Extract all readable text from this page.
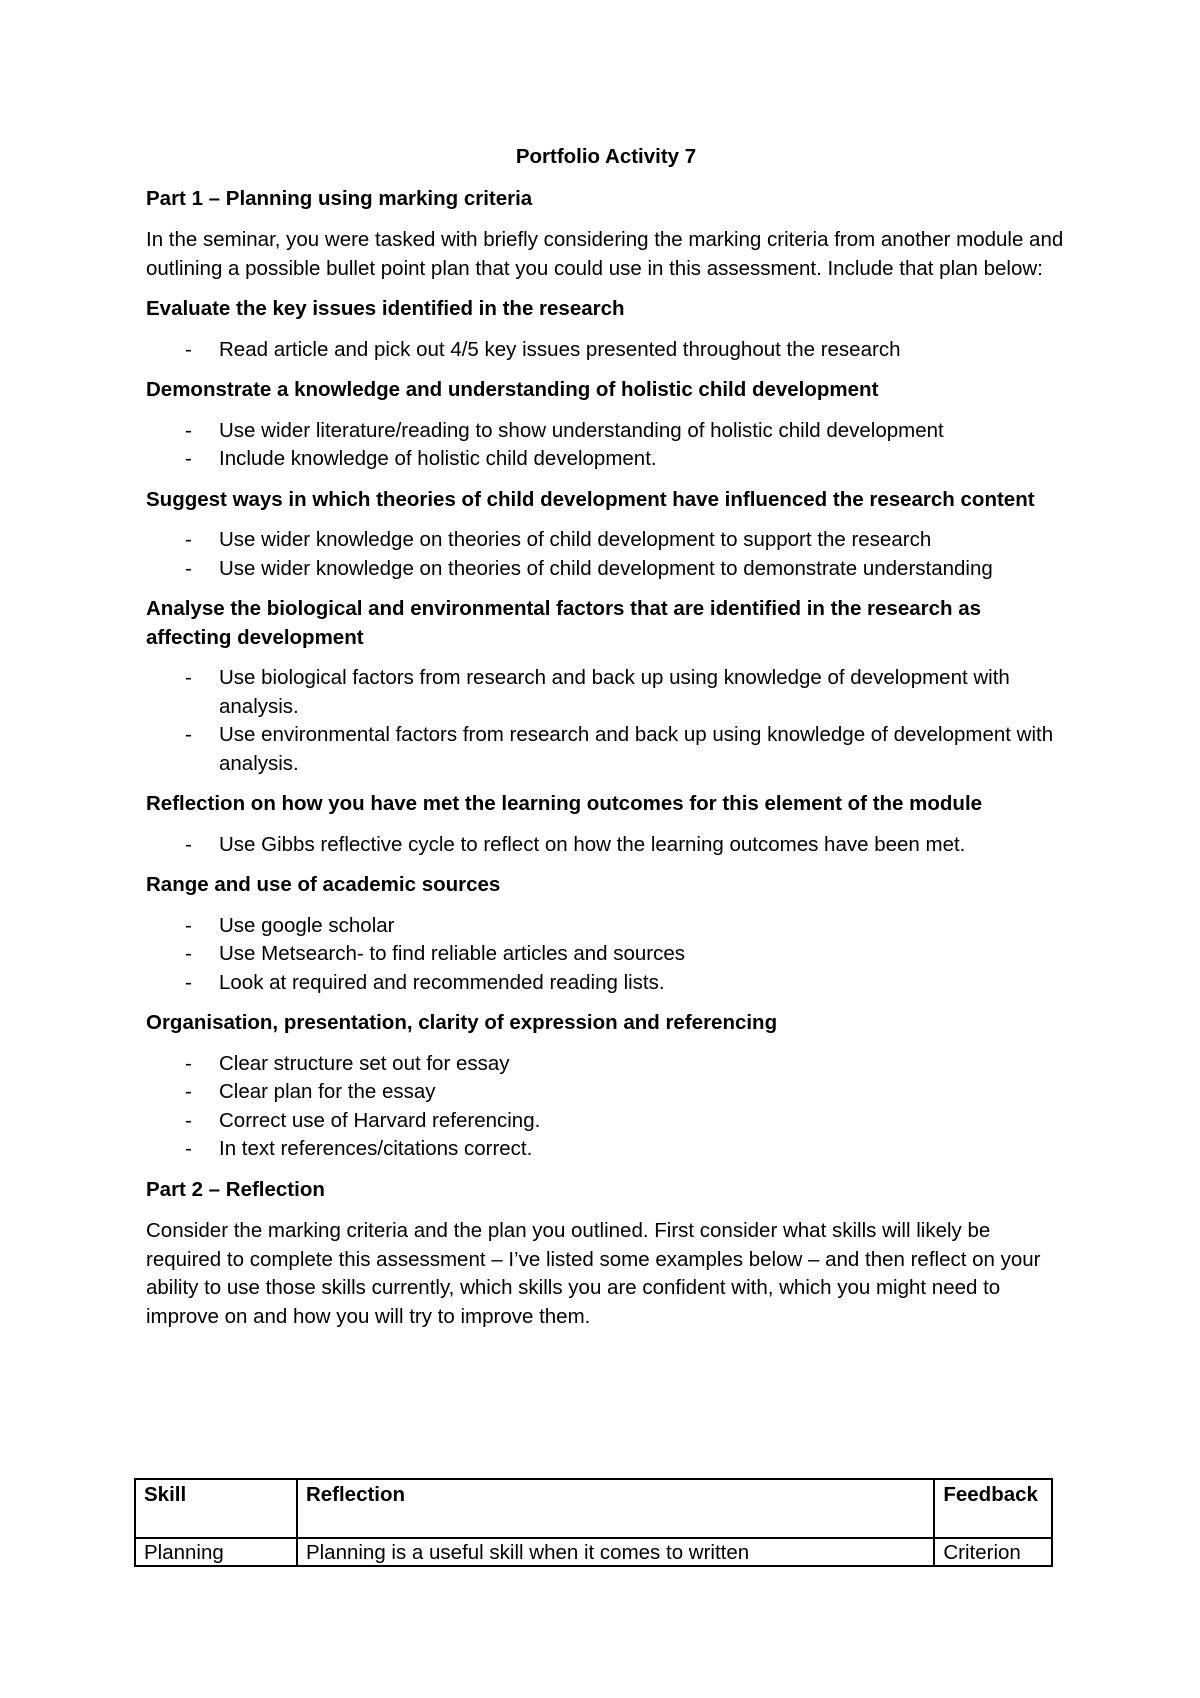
Portfolio Activity 7
Part 1 – Planning using marking criteria
In the seminar, you were tasked with briefly considering the marking criteria from another module and outlining a possible bullet point plan that you could use in this assessment. Include that plan below:
Evaluate the key issues identified in the research
- Read article and pick out 4/5 key issues presented throughout the research
Demonstrate a knowledge and understanding of holistic child development
- Use wider literature/reading to show understanding of holistic child development
- Include knowledge of holistic child development.
Suggest ways in which theories of child development have influenced the research content
- Use wider knowledge on theories of child development to support the research
- Use wider knowledge on theories of child development to demonstrate understanding
Analyse the biological and environmental factors that are identified in the research as affecting development
- Use biological factors from research and back up using knowledge of development with analysis.
- Use environmental factors from research and back up using knowledge of development with analysis.
Reflection on how you have met the learning outcomes for this element of the module
- Use Gibbs reflective cycle to reflect on how the learning outcomes have been met.
Range and use of academic sources
- Use google scholar
- Use Metsearch- to find reliable articles and sources
- Look at required and recommended reading lists.
Organisation, presentation, clarity of expression and referencing
- Clear structure set out for essay
- Clear plan for the essay
- Correct use of Harvard referencing.
- In text references/citations correct.
Part 2 – Reflection
Consider the marking criteria and the plan you outlined. First consider what skills will likely be required to complete this assessment – I’ve listed some examples below – and then reflect on your ability to use those skills currently, which skills you are confident with, which you might need to improve on and how you will try to improve them.
Skill	Reflection	Feedback
Planning	Planning is a useful skill when it comes to written	Criterion
